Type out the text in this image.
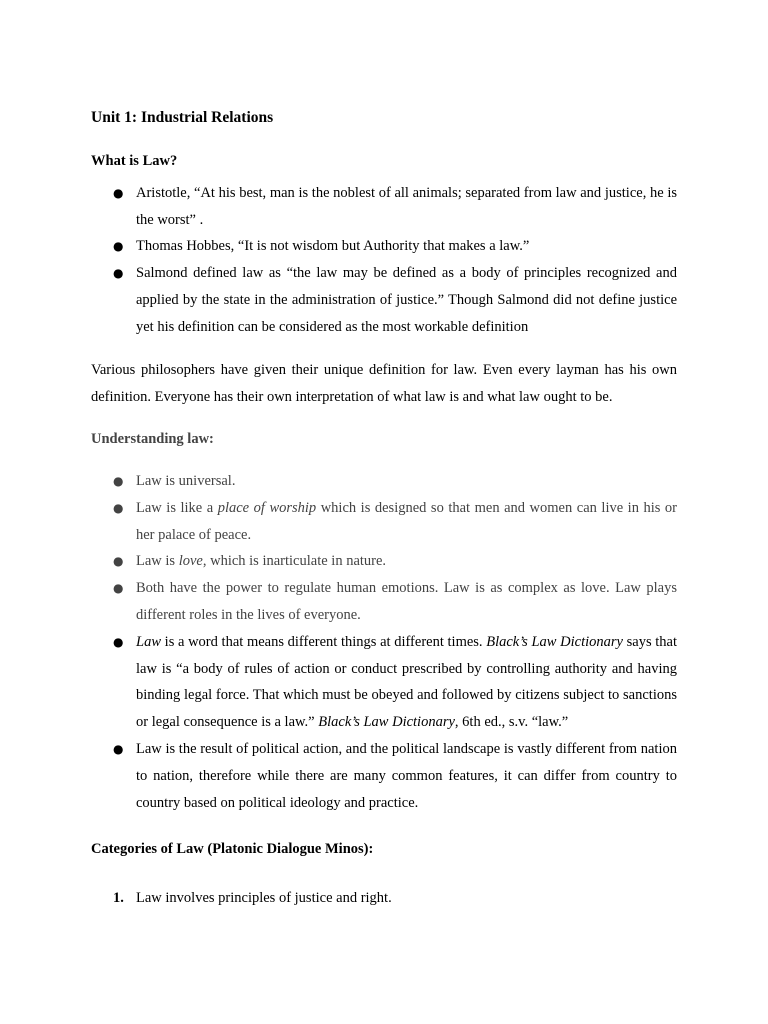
Unit 1: Industrial Relations
What is Law?
● Aristotle, “At his best, man is the noblest of all animals; separated from law and justice, he is the worst” .
● Thomas Hobbes, “It is not wisdom but Authority that makes a law.”
● Salmond defined law as “the law may be defined as a body of principles recognized and applied by the state in the administration of justice.” Though Salmond did not define justice yet his definition can be considered as the most workable definition

Various philosophers have given their unique definition for law. Even every layman has his own definition. Everyone has their own interpretation of what law is and what law ought to be.

Understanding law:
● Law is universal.
● Law is like a place of worship which is designed so that men and women can live in his or her palace of peace.
● Law is love, which is inarticulate in nature.
● Both have the power to regulate human emotions. Law is as complex as love. Law plays different roles in the lives of everyone.
● Law is a word that means different things at different times. Black’s Law Dictionary says that law is “a body of rules of action or conduct prescribed by controlling authority and having binding legal force. That which must be obeyed and followed by citizens subject to sanctions or legal consequence is a law.” Black’s Law Dictionary, 6th ed., s.v. “law.”
● Law is the result of political action, and the political landscape is vastly different from nation to nation, therefore while there are many common features, it can differ from country to country based on political ideology and practice.
Categories of Law (Platonic Dialogue Minos):
1. Law involves principles of justice and right.
